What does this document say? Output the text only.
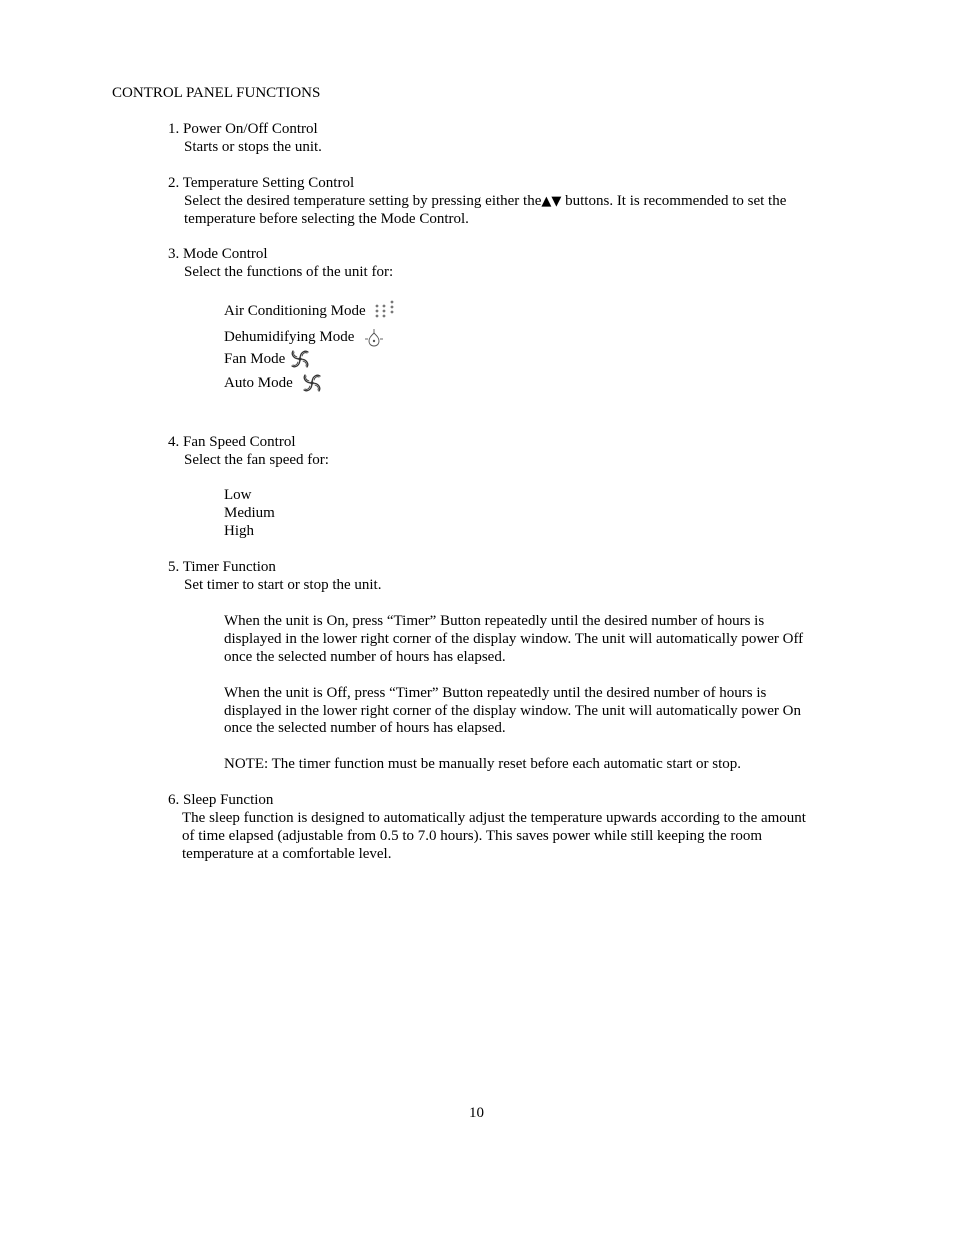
CONTROL PANEL FUNCTIONS
1. Power On/Off Control
Starts or stops the unit.
2. Temperature Setting Control
Select the desired temperature setting by pressing either the▲▼ buttons. It is recommended to set the
temperature before selecting the Mode Control.
3. Mode Control
Select the functions of the unit for:
Air Conditioning Mode
Dehumidifying Mode
Fan Mode
Auto Mode
4. Fan Speed Control
Select the fan speed for:
Low
Medium
High
5. Timer Function
Set timer to start or stop the unit.
When the unit is On, press “Timer” Button repeatedly until the desired number of hours is
displayed in the lower right corner of the display window. The unit will automatically power Off
once the selected number of hours has elapsed.
When the unit is Off, press “Timer” Button repeatedly until the desired number of hours is
displayed in the lower right corner of the display window. The unit will automatically power On
once the selected number of hours has elapsed.
NOTE: The timer function must be manually reset before each automatic start or stop.
6. Sleep Function
The sleep function is designed to automatically adjust the temperature upwards according to the amount
of time elapsed (adjustable from 0.5 to 7.0 hours). This saves power while still keeping the room
temperature at a comfortable level.
10
